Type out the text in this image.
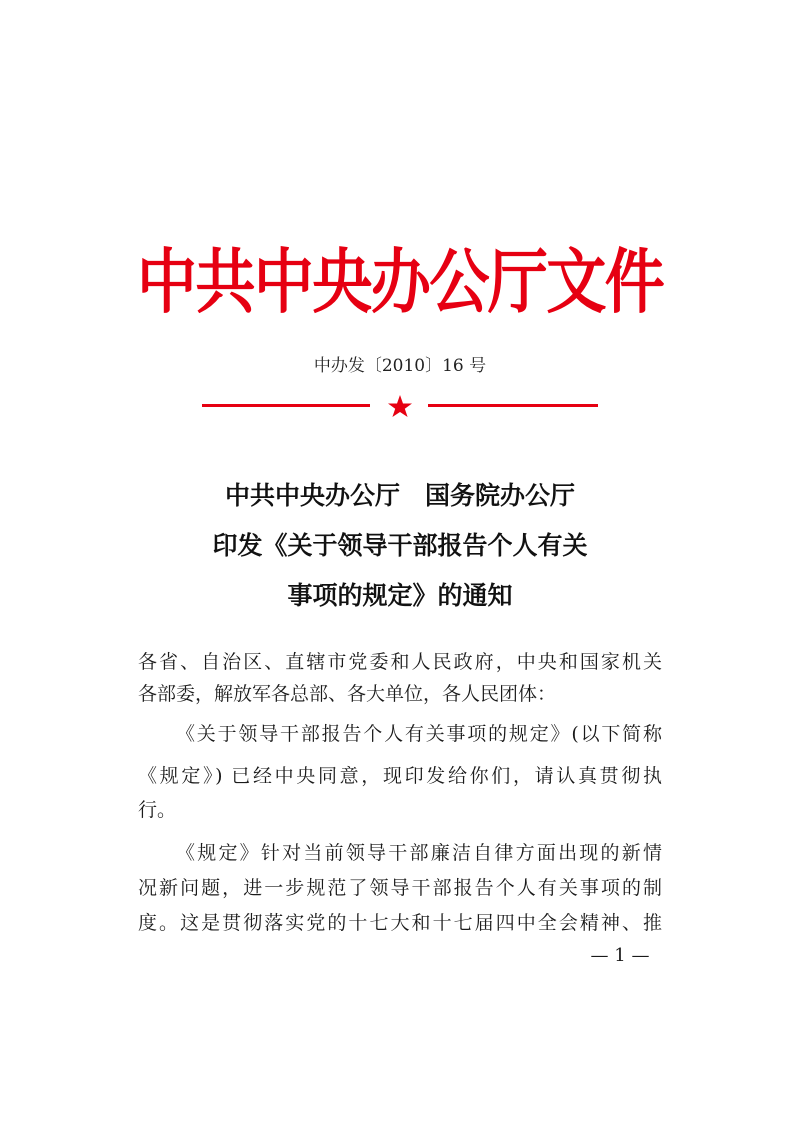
中共中央办公厅文件
中办发〔2010〕16 号
中共中央办公厅　国务院办公厅
印发《关于领导干部报告个人有关
事项的规定》的通知
各省、自治区、直辖市党委和人民政府，中央和国家机关
各部委，解放军各总部、各大单位，各人民团体：
《关于领导干部报告个人有关事项的规定》(以下简称
《规定》) 已经中央同意，现印发给你们，请认真贯彻执
行。
《规定》针对当前领导干部廉洁自律方面出现的新情
况新问题，进一步规范了领导干部报告个人有关事项的制
度。这是贯彻落实党的十七大和十七届四中全会精神、推
— 1 —
